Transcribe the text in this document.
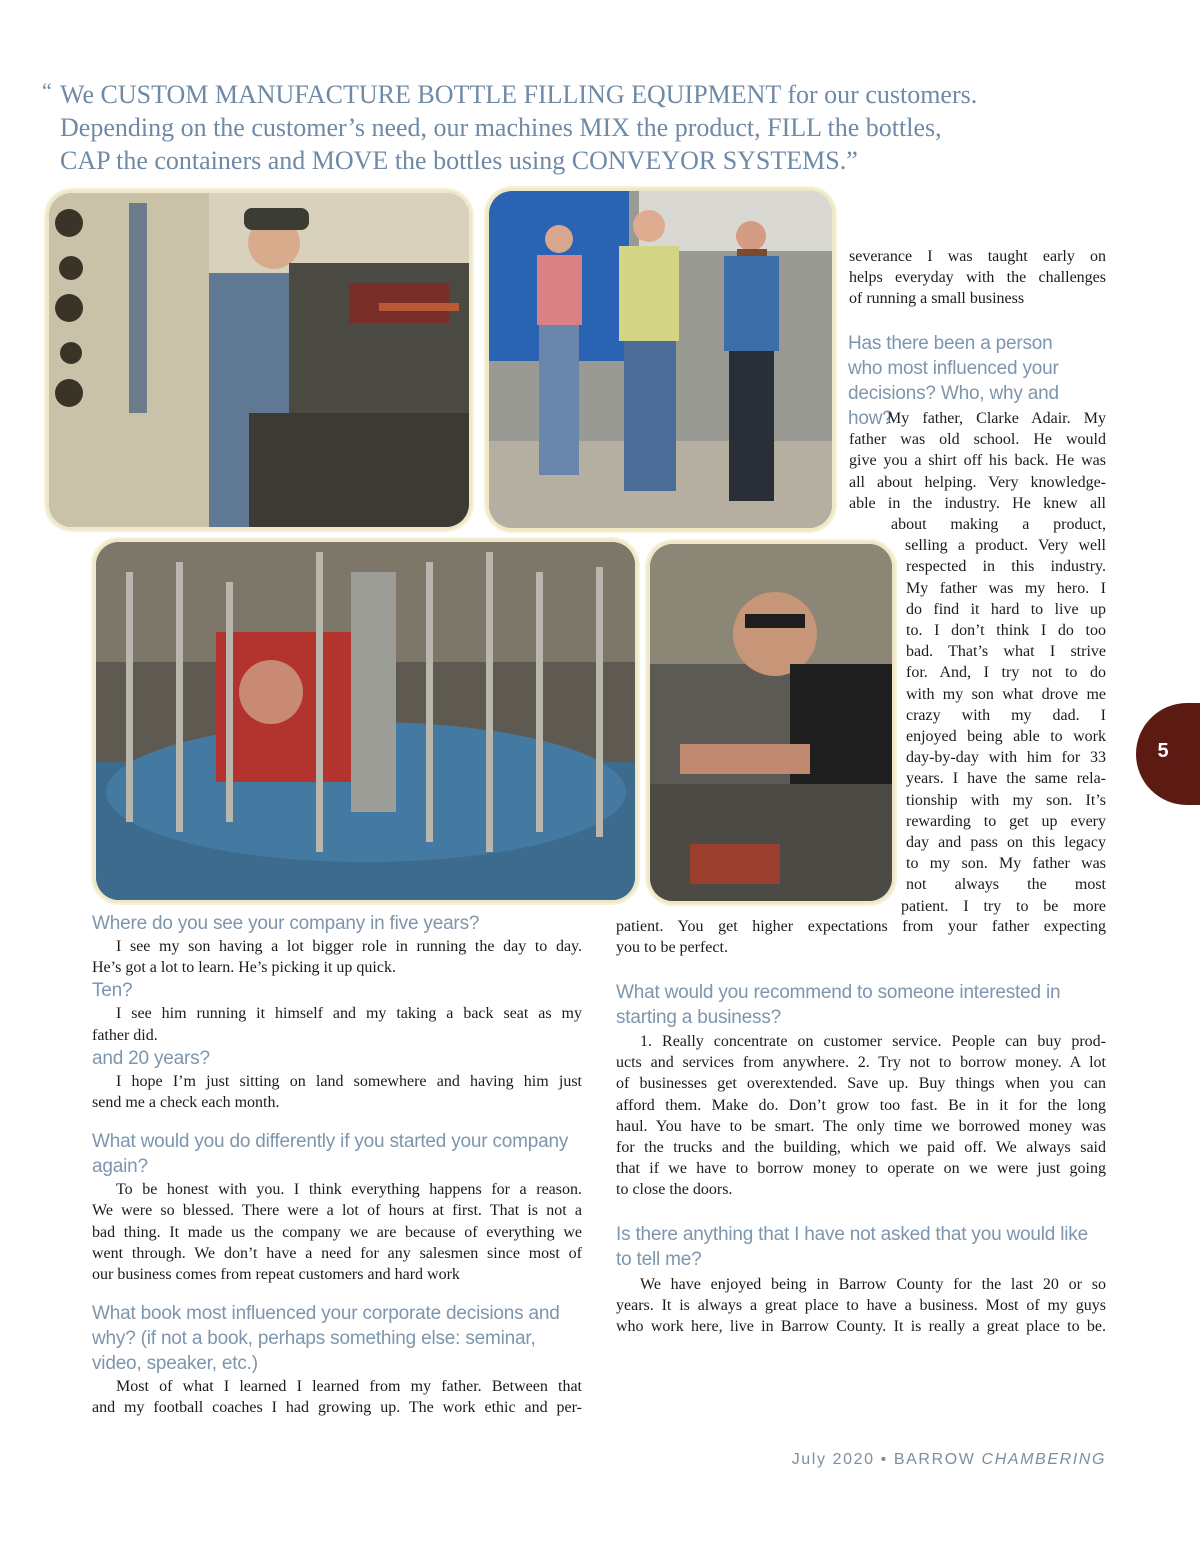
“ We CUSTOM MANUFACTURE BOTTLE FILLING EQUIPMENT for our customers.
Depending on the customer’s need, our machines MIX the product, FILL the bottles,
CAP the containers and MOVE the bottles using CONVEYOR SYSTEMS.”

severance I was taught early on

helps everyday with the challenges

of running a small business

Has there been a person
who most influenced your
decisions? Who, why and how?
My father, Clarke Adair. My
father was old school. He would
give you a shirt off his back. He was
all about helping. Very knowledge-
able in the industry. He knew all
about making a product,
selling a product. Very well
respected in this industry.
My father was my hero. I
do find it hard to live up
to. I don’t think I do too
bad. That’s what I strive
for. And, I try not to do
with my son what drove me
crazy with my dad. I
enjoyed being able to work
day-by-day with him for 33
years. I have the same rela-
tionship with my son. It’s
rewarding to get up every
day and pass on this legacy
to my son. My father was
not always the most
patient. I try to be more
patient. You get higher expectations from your father expecting
you to be perfect.
What would you recommend to someone interested in
starting a business?
1. Really concentrate on customer service. People can buy prod-
ucts and services from anywhere. 2. Try not to borrow money. A lot
of businesses get overextended. Save up. Buy things when you can
afford them. Make do. Don’t grow too fast. Be in it for the long
haul. You have to be smart. The only time we borrowed money was
for the trucks and the building, which we paid off. We always said
that if we have to borrow money to operate on we were just going
to close the doors.
Is there anything that I have not asked that you would like
to tell me?
We have enjoyed being in Barrow County for the last 20 or so
years. It is always a great place to have a business. Most of my guys
who work here, live in Barrow County. It is really a great place to be.
Where do you see your company in five years?
I see my son having a lot bigger role in running the day to day.
He’s got a lot to learn. He’s picking it up quick.
Ten?
I see him running it himself and my taking a back seat as my
father did.
and 20 years?
I hope I’m just sitting on land somewhere and having him just
send me a check each month.
What would you do differently if you started your company
again?
To be honest with you. I think everything happens for a reason.
We were so blessed. There were a lot of hours at first. That is not a
bad thing. It made us the company we are because of everything we
went through. We don’t have a need for any salesmen since most of
our business comes from repeat customers and hard work
What book most influenced your corporate decisions and
why? (if not a book, perhaps something else: seminar,
video, speaker, etc.)
Most of what I learned I learned from my father. Between that
and my football coaches I had growing up. The work ethic and per-
5
July 2020 • BARROW CHAMBERING
